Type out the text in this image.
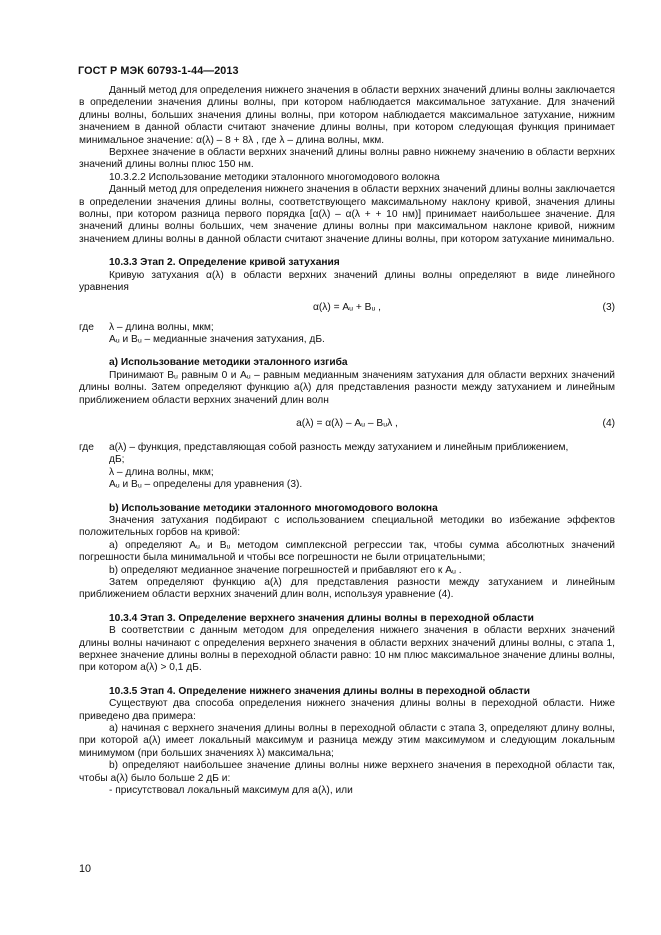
ГОСТ Р МЭК 60793-1-44—2013

Данный метод для определения нижнего значения в области верхних значений длины волны заключается в определении значения длины волны, при котором наблюдается максимальное затухание. Для значений длины волны, больших значения длины волны, при котором наблюдается максимальное затухание, нижним значением в данной области считают значение длины волны, при котором следующая функция принимает минимальное значение: α(λ) – 8 + 8λ , где λ – длина волны, мкм.

Верхнее значение в области верхних значений длины волны равно нижнему значению в области верхних значений длины волны плюс 150 нм.

10.3.2.2 Использование методики эталонного многомодового волокна

Данный метод для определения нижнего значения в области верхних значений длины волны заключается в определении значения длины волны, соответствующего максимальному наклону кривой, значения длины волны, при котором разница первого порядка [α(λ) – α(λ + + 10 нм)] принимает наибольшее значение. Для значений длины волны больших, чем значение длины волны при максимальном наклоне кривой, нижним значением длины волны в данной области считают значение длины волны, при котором затухание минимально.

10.3.3 Этап 2. Определение кривой затухания

Кривую затухания α(λ) в области верхних значений длины волны определяют в виде линейного уравнения

α(λ) = Aᵤ + Bᵤ ,	(3)
где λ – длина волны, мкм;
Aᵤ и Bᵤ – медианные значения затухания, дБ.

а) Использование методики эталонного изгиба

Принимают Bᵤ равным 0 и Aᵤ – равным медианным значениям затухания для области верхних значений длины волны. Затем определяют функцию a(λ) для представления разности между затуханием и линейным приближением области верхних значений длин волн

a(λ) = α(λ) – Aᵤ – Bᵤλ ,	(4)
где a(λ) – функция, представляющая собой разность между затуханием и линейным приближением,
дБ;
λ – длина волны, мкм;
Aᵤ и Bᵤ – определены для уравнения (3).

b) Использование методики эталонного многомодового волокна

Значения затухания подбирают с использованием специальной методики во избежание эффектов положительных горбов на кривой:

a) определяют Aᵤ и Bᵤ методом симплексной регрессии так, чтобы сумма абсолютных значений погрешности была минимальной и чтобы все погрешности не были отрицательными;

b) определяют медианное значение погрешностей и прибавляют его к Aᵤ .

Затем определяют функцию a(λ) для представления разности между затуханием и линейным приближением области верхних значений длин волн, используя уравнение (4).

10.3.4 Этап 3. Определение верхнего значения длины волны в переходной области

В соответствии с данным методом для определения нижнего значения в области верхних значений длины волны начинают с определения верхнего значения в области верхних значений длины волны, с этапа 1, верхнее значение длины волны в переходной области равно: 10 нм плюс максимальное значение длины волны, при котором a(λ) > 0,1 дБ.

10.3.5 Этап 4. Определение нижнего значения длины волны в переходной области

Существуют два способа определения нижнего значения длины волны в переходной области. Ниже приведено два примера:

a) начиная с верхнего значения длины волны в переходной области с этапа 3, определяют длину волны, при которой a(λ) имеет локальный максимум и разница между этим максимумом и следующим локальным минимумом (при больших значениях λ) максимальна;

b) определяют наибольшее значение длины волны ниже верхнего значения в переходной области так, чтобы a(λ) было больше 2 дБ и:

- присутствовал локальный максимум для a(λ), или

10
